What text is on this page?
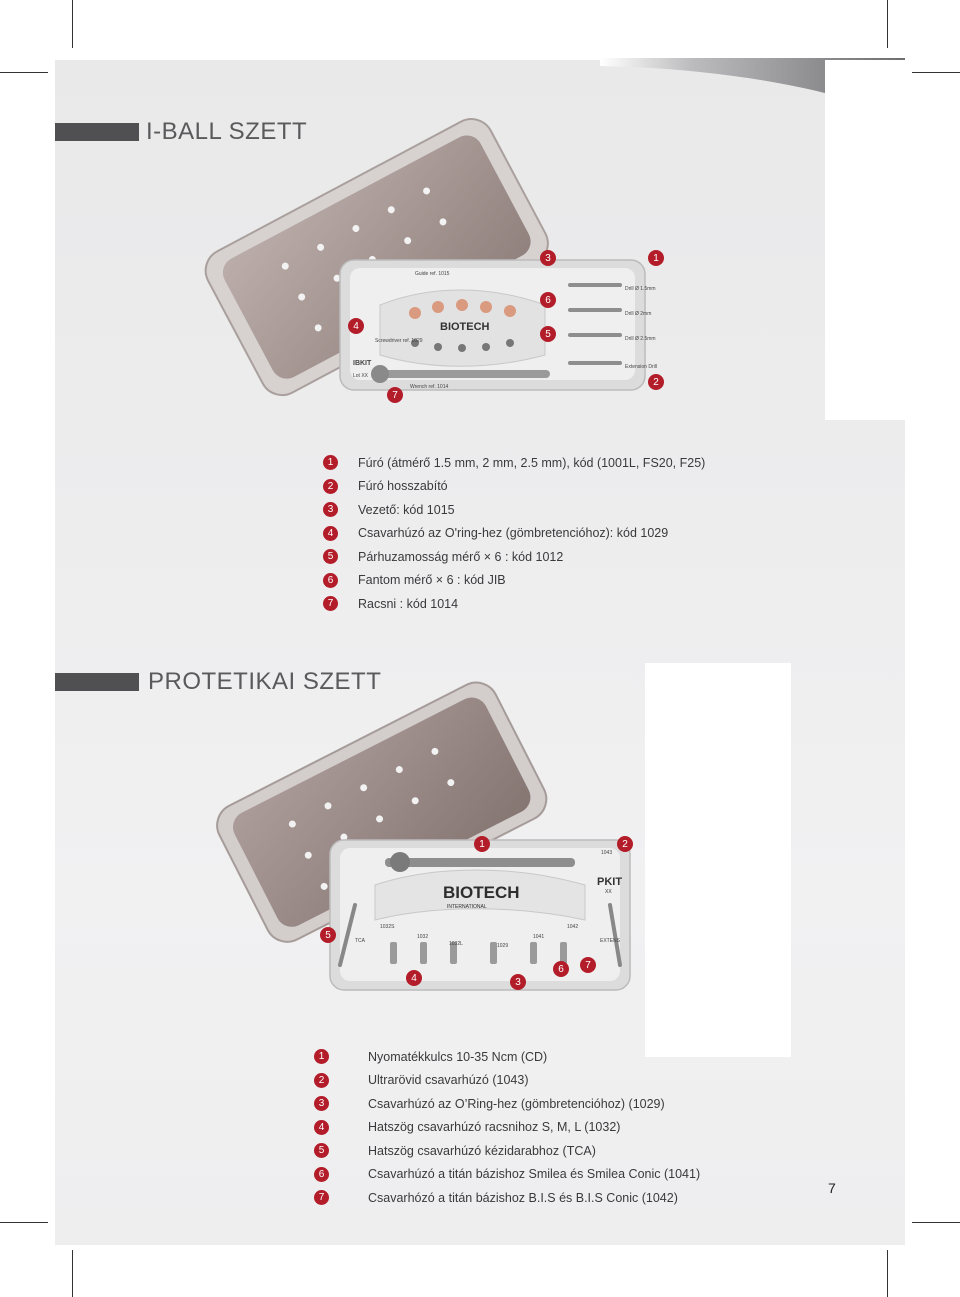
I-BALL SZETT
Guide ref. 1015
Screwdriver ref. 1029
IBKIT
Lot XX
Wrench ref. 1014
Drill Ø 1.5mm
Drill Ø 2mm
Drill Ø 2.5mm
Extension Drill
BIOTECH
3	1
6
4
5
7
2
1	Fúró (átmérő 1.5 mm, 2 mm, 2.5 mm), kód (1001L, FS20, F25)
2	Fúró hosszabító
3	Vezető: kód 1015
4	Csavarhúzó az O'ring-hez (gömbretencióhoz): kód 1029
5	Párhuzamosság mérő × 6 : kód 1012
6	Fantom mérő × 6 : kód JIB
7	Racsni : kód 1014
PROTETIKAI SZETT
BIOTECH
INTERNATIONAL
PKIT
XX
1043
1032S
1032
1032L	1029
1041
1042
TCA	EXTENS
1	2
5
4	3
6	7
1	Nyomatékkulcs 10-35 Ncm (CD)
2	Ultrarövid csavarhúzó (1043)
3	Csavarhúzó az O’Ring-hez (gömbretencióhoz) (1029)
4	Hatszög csavarhúzó racsnihoz S, M, L (1032)
5	Hatszög csavarhúzó kézidarabhoz (TCA)
6	Csavarhúzó a titán bázishoz Smilea és Smilea Conic (1041)
7	Csavarhózó a titán bázishoz B.I.S és B.I.S Conic (1042)
7
